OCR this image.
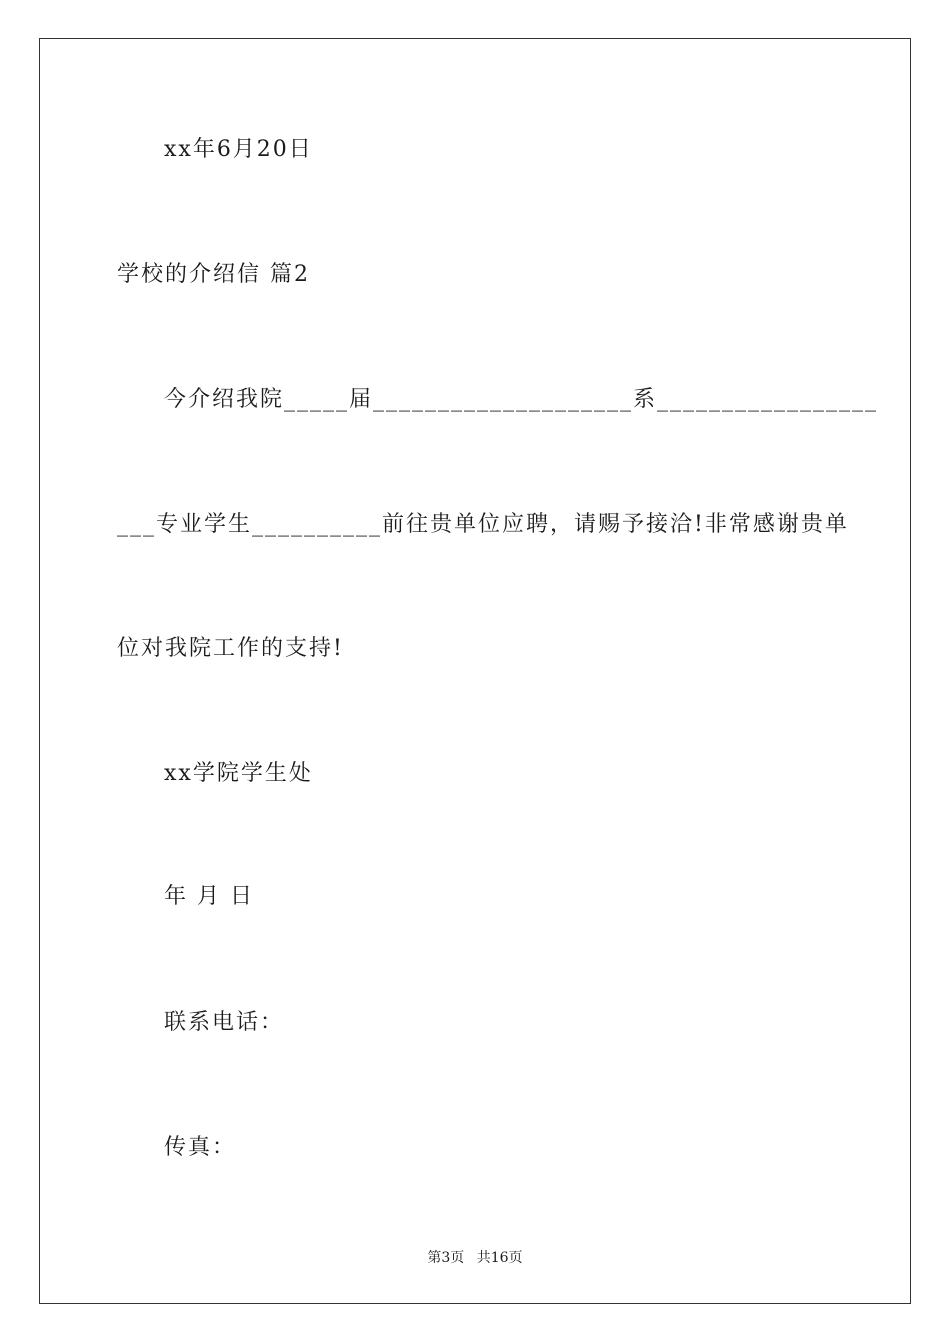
xx年6月20日
学校的介绍信 篇2
今介绍我院_____届____________________系_________________
___专业学生__________前往贵单位应聘，请赐予接洽!非常感谢贵单
位对我院工作的支持!
xx学院学生处
年 月 日
联系电话：
传真：
第3页 共16页
